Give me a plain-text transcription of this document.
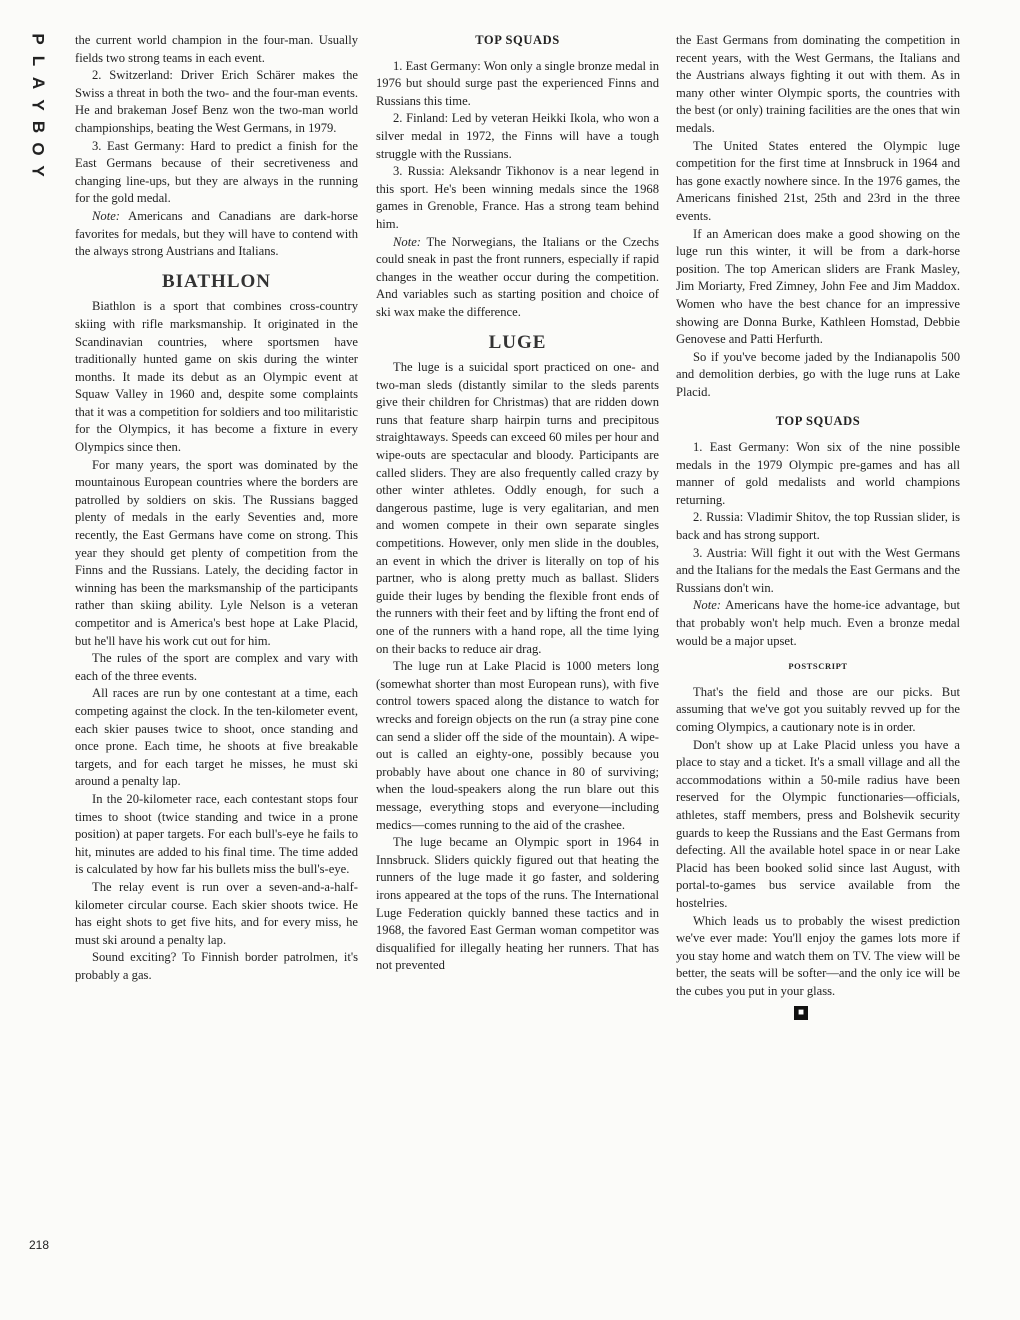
P
L
A
Y
B
O
Y

the current world champion in the four-man. Usually fields two strong teams in each event.

2. Switzerland: Driver Erich Schärer makes the Swiss a threat in both the two- and the four-man events. He and brakeman Josef Benz won the two-man world championships, beating the West Germans, in 1979.

3. East Germany: Hard to predict a finish for the East Germans because of their secretiveness and changing line-ups, but they are always in the running for the gold medal.

Note: Americans and Canadians are dark-horse favorites for medals, but they will have to contend with the always strong Austrians and Italians.

BIATHLON

Biathlon is a sport that combines cross-country skiing with rifle marksmanship. It originated in the Scandinavian countries, where sportsmen have traditionally hunted game on skis during the winter months. It made its debut as an Olympic event at Squaw Valley in 1960 and, despite some complaints that it was a competition for soldiers and too militaristic for the Olympics, it has become a fixture in every Olympics since then.

For many years, the sport was dominated by the mountainous European countries where the borders are patrolled by soldiers on skis. The Russians bagged plenty of medals in the early Seventies and, more recently, the East Germans have come on strong. This year they should get plenty of competition from the Finns and the Russians. Lately, the deciding factor in winning has been the marksmanship of the participants rather than skiing ability. Lyle Nelson is a veteran competitor and is America's best hope at Lake Placid, but he'll have his work cut out for him.

The rules of the sport are complex and vary with each of the three events.

All races are run by one contestant at a time, each competing against the clock. In the ten-kilometer event, each skier pauses twice to shoot, once standing and once prone. Each time, he shoots at five breakable targets, and for each target he misses, he must ski around a penalty lap.

In the 20-kilometer race, each contestant stops four times to shoot (twice standing and twice in a prone position) at paper targets. For each bull's-eye he fails to hit, minutes are added to his final time. The time added is calculated by how far his bullets miss the bull's-eye.

The relay event is run over a seven-and-a-half-kilometer circular course. Each skier shoots twice. He has eight shots to get five hits, and for every miss, he must ski around a penalty lap.

Sound exciting? To Finnish border patrolmen, it's probably a gas.

TOP SQUADS

1. East Germany: Won only a single bronze medal in 1976 but should surge past the experienced Finns and Russians this time.

2. Finland: Led by veteran Heikki Ikola, who won a silver medal in 1972, the Finns will have a tough struggle with the Russians.

3. Russia: Aleksandr Tikhonov is a near legend in this sport. He's been winning medals since the 1968 games in Grenoble, France. Has a strong team behind him.

Note: The Norwegians, the Italians or the Czechs could sneak in past the front runners, especially if rapid changes in the weather occur during the competition. And variables such as starting position and choice of ski wax make the difference.

LUGE

The luge is a suicidal sport practiced on one- and two-man sleds (distantly similar to the sleds parents give their children for Christmas) that are ridden down runs that feature sharp hairpin turns and precipitous straightaways. Speeds can exceed 60 miles per hour and wipe-outs are spectacular and bloody. Participants are called sliders. They are also frequently called crazy by other winter athletes. Oddly enough, for such a dangerous pastime, luge is very egalitarian, and men and women compete in their own separate singles competitions. However, only men slide in the doubles, an event in which the driver is literally on top of his partner, who is along pretty much as ballast. Sliders guide their luges by bending the flexible front ends of the runners with their feet and by lifting the front end of one of the runners with a hand rope, all the time lying on their backs to reduce air drag.

The luge run at Lake Placid is 1000 meters long (somewhat shorter than most European runs), with five control towers spaced along the distance to watch for wrecks and foreign objects on the run (a stray pine cone can send a slider off the side of the mountain). A wipe-out is called an eighty-one, possibly because you probably have about one chance in 80 of surviving; when the loud-speakers along the run blare out this message, everything stops and everyone—including medics—comes running to the aid of the crashee.

The luge became an Olympic sport in 1964 in Innsbruck. Sliders quickly figured out that heating the runners of the luge made it go faster, and soldering irons appeared at the tops of the runs. The International Luge Federation quickly banned these tactics and in 1968, the favored East German woman competitor was disqualified for illegally heating her runners. That has not prevented

the East Germans from dominating the competition in recent years, with the West Germans, the Italians and the Austrians always fighting it out with them. As in many other winter Olympic sports, the countries with the best (or only) training facilities are the ones that win medals.

The United States entered the Olympic luge competition for the first time at Innsbruck in 1964 and has gone exactly nowhere since. In the 1976 games, the Americans finished 21st, 25th and 23rd in the three events.

If an American does make a good showing on the luge run this winter, it will be from a dark-horse position. The top American sliders are Frank Masley, Jim Moriarty, Fred Zimney, John Fee and Jim Maddox. Women who have the best chance for an impressive showing are Donna Burke, Kathleen Homstad, Debbie Genovese and Patti Herfurth.

So if you've become jaded by the Indianapolis 500 and demolition derbies, go with the luge runs at Lake Placid.

TOP SQUADS

1. East Germany: Won six of the nine possible medals in the 1979 Olympic pre-games and has all manner of gold medalists and world champions returning.

2. Russia: Vladimir Shitov, the top Russian slider, is back and has strong support.

3. Austria: Will fight it out with the West Germans and the Italians for the medals the East Germans and the Russians don't win.

Note: Americans have the home-ice advantage, but that probably won't help much. Even a bronze medal would be a major upset.

POSTSCRIPT

That's the field and those are our picks. But assuming that we've got you suitably revved up for the coming Olympics, a cautionary note is in order.

Don't show up at Lake Placid unless you have a place to stay and a ticket. It's a small village and all the accommodations within a 50-mile radius have been reserved for the Olympic functionaries—officials, athletes, staff members, press and Bolshevik security guards to keep the Russians and the East Germans from defecting. All the available hotel space in or near Lake Placid has been booked solid since last August, with portal-to-games bus service available from the hostelries.

Which leads us to probably the wisest prediction we've ever made: You'll enjoy the games lots more if you stay home and watch them on TV. The view will be better, the seats will be softer—and the only ice will be the cubes you put in your glass.

■
218
